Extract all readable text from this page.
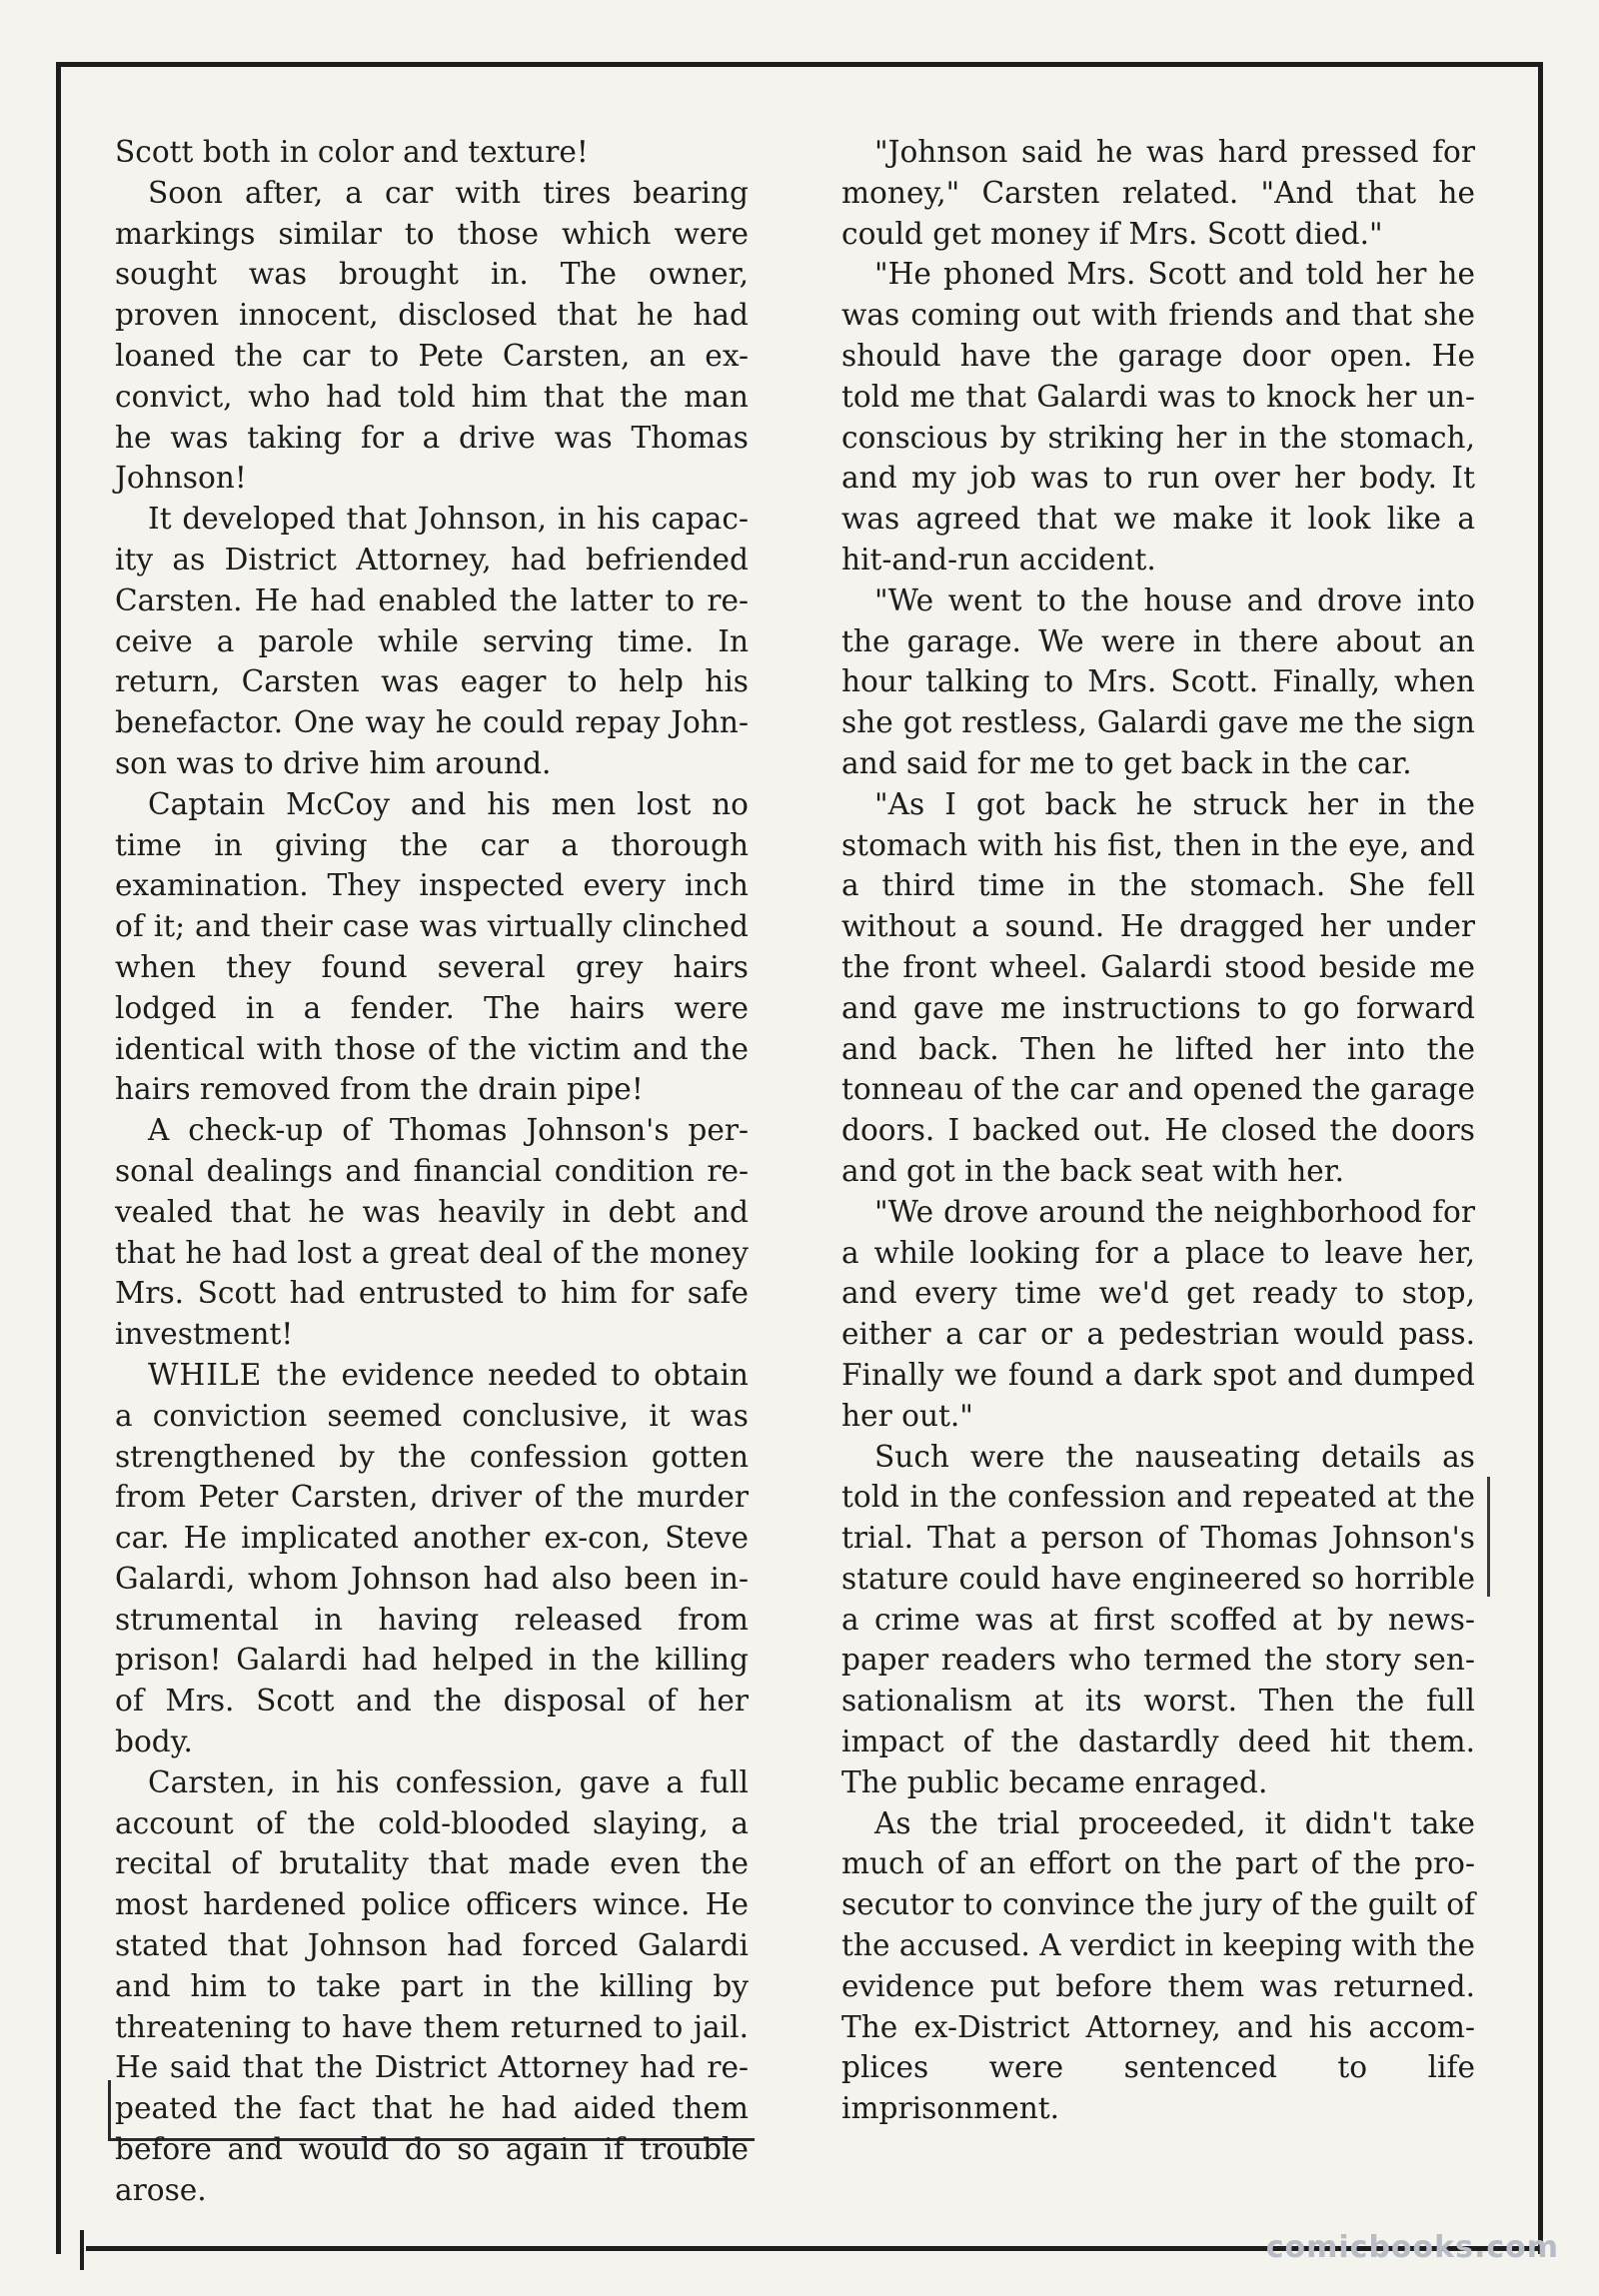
Scott both in color and texture!

Soon after, a car with tires bearing markings similar to those which were sought was brought in. The owner, proven innocent, disclosed that he had loaned the car to Pete Carsten, an ex-convict, who had told him that the man he was taking for a drive was Thomas Johnson!

It developed that Johnson, in his capacity as District Attorney, had befriended Carsten. He had enabled the latter to receive a parole while serving time. In return, Carsten was eager to help his benefactor. One way he could repay Johnson was to drive him around.

Captain McCoy and his men lost no time in giving the car a thorough examination. They inspected every inch of it; and their case was virtually clinched when they found several grey hairs lodged in a fender. The hairs were identical with those of the victim and the hairs removed from the drain pipe!

A check-up of Thomas Johnson's personal dealings and financial condition revealed that he was heavily in debt and that he had lost a great deal of the money Mrs. Scott had entrusted to him for safe investment!

WHILE the evidence needed to obtain a conviction seemed conclusive, it was strengthened by the confession gotten from Peter Carsten, driver of the murder car. He implicated another ex-con, Steve Galardi, whom Johnson had also been instrumental in having released from prison! Galardi had helped in the killing of Mrs. Scott and the disposal of her body.

Carsten, in his confession, gave a full account of the cold-blooded slaying, a recital of brutality that made even the most hardened police officers wince. He stated that Johnson had forced Galardi and him to take part in the killing by threatening to have them returned to jail. He said that the District Attorney had repeated the fact that he had aided them before and would do so again if trouble arose.

"Johnson said he was hard pressed for money," Carsten related. "And that he could get money if Mrs. Scott died."

"He phoned Mrs. Scott and told her he was coming out with friends and that she should have the garage door open. He told me that Galardi was to knock her unconscious by striking her in the stomach, and my job was to run over her body. It was agreed that we make it look like a hit-and-run accident.

"We went to the house and drove into the garage. We were in there about an hour talking to Mrs. Scott. Finally, when she got restless, Galardi gave me the sign and said for me to get back in the car.

"As I got back he struck her in the stomach with his fist, then in the eye, and a third time in the stomach. She fell without a sound. He dragged her under the front wheel. Galardi stood beside me and gave me instructions to go forward and back. Then he lifted her into the tonneau of the car and opened the garage doors. I backed out. He closed the doors and got in the back seat with her.

"We drove around the neighborhood for a while looking for a place to leave her, and every time we'd get ready to stop, either a car or a pedestrian would pass. Finally we found a dark spot and dumped her out."

Such were the nauseating details as told in the confession and repeated at the trial. That a person of Thomas Johnson's stature could have engineered so horrible a crime was at first scoffed at by newspaper readers who termed the story sensationalism at its worst. Then the full impact of the dastardly deed hit them. The public became enraged.

As the trial proceeded, it didn't take much of an effort on the part of the prosecutor to convince the jury of the guilt of the accused. A verdict in keeping with the evidence put before them was returned. The ex-District Attorney, and his accomplices were sentenced to life imprisonment.

comicbooks.com
